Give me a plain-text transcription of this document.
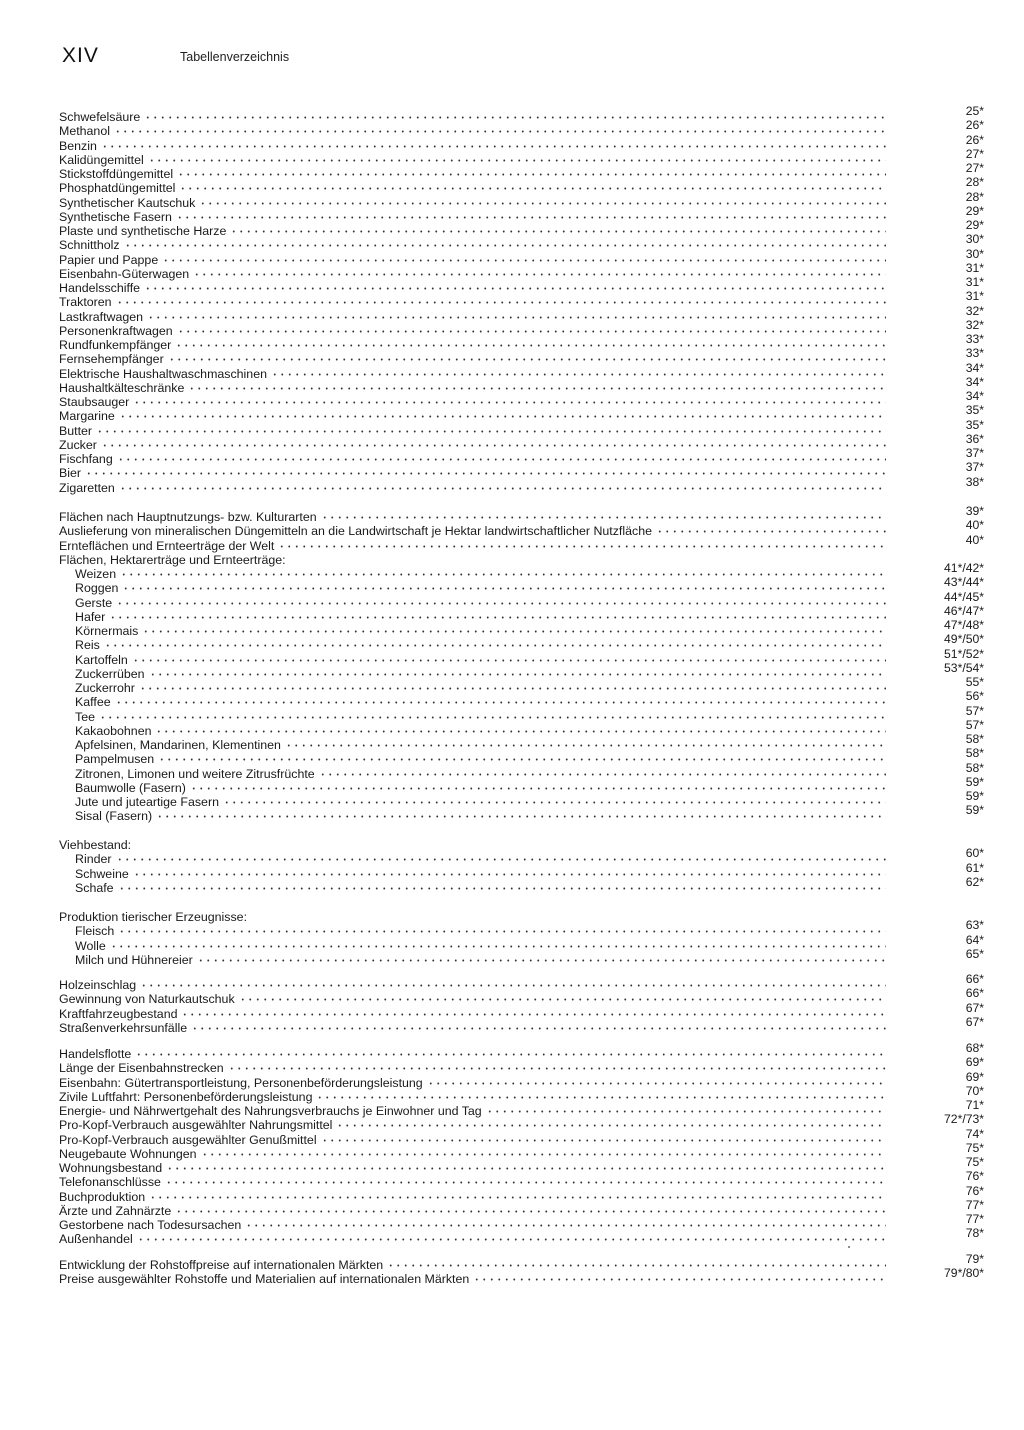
XIV	Tabellenverzeichnis
Schwefelsäure	25*
Methanol	26*
Benzin	26*
Kalidüngemittel	27*
Stickstoffdüngemittel	27*
Phosphatdüngemittel	28*
Synthetischer Kautschuk	28*
Synthetische Fasern	29*
Plaste und synthetische Harze	29*
Schnittholz	30*
Papier und Pappe	30*
Eisenbahn-Güterwagen	31*
Handelsschiffe	31*
Traktoren	31*
Lastkraftwagen	32*
Personenkraftwagen	32*
Rundfunkempfänger	33*
Fernsehempfänger	33*
Elektrische Haushaltwaschmaschinen	34*
Haushaltkälteschränke	34*
Staubsauger	34*
Margarine	35*
Butter	35*
Zucker	36*
Fischfang	37*
Bier	37*
Zigaretten	38*
Flächen nach Hauptnutzungs- bzw. Kulturarten	39*
Auslieferung von mineralischen Düngemitteln an die Landwirtschaft je Hektar landwirtschaftlicher Nutzfläche	40*
Ernteflächen und Ernteerträge der Welt	40*
Flächen, Hektarerträge und Ernteerträge:
Weizen	41*/42*
Roggen	43*/44*
Gerste	44*/45*
Hafer	46*/47*
Körnermais	47*/48*
Reis	49*/50*
Kartoffeln	51*/52*
Zuckerrüben	53*/54*
Zuckerrohr	55*
Kaffee	56*
Tee	57*
Kakaobohnen	57*
Apfelsinen, Mandarinen, Klementinen	58*
Pampelmusen	58*
Zitronen, Limonen und weitere Zitrusfrüchte	58*
Baumwolle (Fasern)	59*
Jute und juteartige Fasern	59*
Sisal (Fasern)	59*
Viehbestand:
Rinder	60*
Schweine	61*
Schafe	62*
Produktion tierischer Erzeugnisse:
Fleisch	63*
Wolle	64*
Milch und Hühnereier	65*
Holzeinschlag	66*
Gewinnung von Naturkautschuk	66*
Kraftfahrzeugbestand	67*
Straßenverkehrsunfälle	67*
Handelsflotte	68*
Länge der Eisenbahnstrecken	69*
Eisenbahn: Gütertransportleistung, Personenbeförderungsleistung	69*
Zivile Luftfahrt: Personenbeförderungsleistung	70*
Energie- und Nährwertgehalt des Nahrungsverbrauchs je Einwohner und Tag	71*
Pro-Kopf-Verbrauch ausgewählter Nahrungsmittel	72*/73*
Pro-Kopf-Verbrauch ausgewählter Genußmittel	74*
Neugebaute Wohnungen	75*
Wohnungsbestand	75*
Telefonanschlüsse	76*
Buchproduktion	76*
Ärzte und Zahnärzte	77*
Gestorbene nach Todesursachen	77*
Außenhandel	78*
Entwicklung der Rohstoffpreise auf internationalen Märkten	79*
Preise ausgewählter Rohstoffe und Materialien auf internationalen Märkten	79*/80*
